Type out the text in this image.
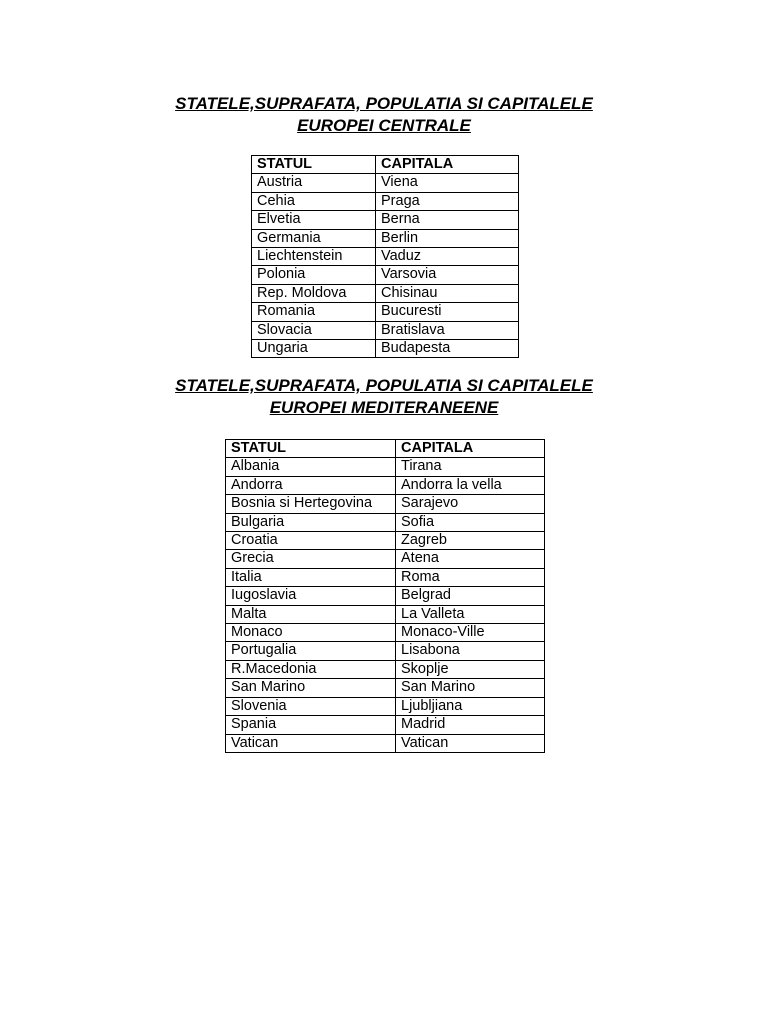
STATELE,SUPRAFATA, POPULATIA SI CAPITALELE
EUROPEI CENTRALE
STATUL	CAPITALA
Austria	Viena
Cehia	Praga
Elvetia	Berna
Germania	Berlin
Liechtenstein	Vaduz
Polonia	Varsovia
Rep. Moldova	Chisinau
Romania	Bucuresti
Slovacia	Bratislava
Ungaria	Budapesta
STATELE,SUPRAFATA, POPULATIA SI CAPITALELE
EUROPEI MEDITERANEENE
STATUL	CAPITALA
Albania	Tirana
Andorra	Andorra la vella
Bosnia si Hertegovina	Sarajevo
Bulgaria	Sofia
Croatia	Zagreb
Grecia	Atena
Italia	Roma
Iugoslavia	Belgrad
Malta	La Valleta
Monaco	Monaco-Ville
Portugalia	Lisabona
R.Macedonia	Skoplje
San Marino	San Marino
Slovenia	Ljubljiana
Spania	Madrid
Vatican	Vatican
